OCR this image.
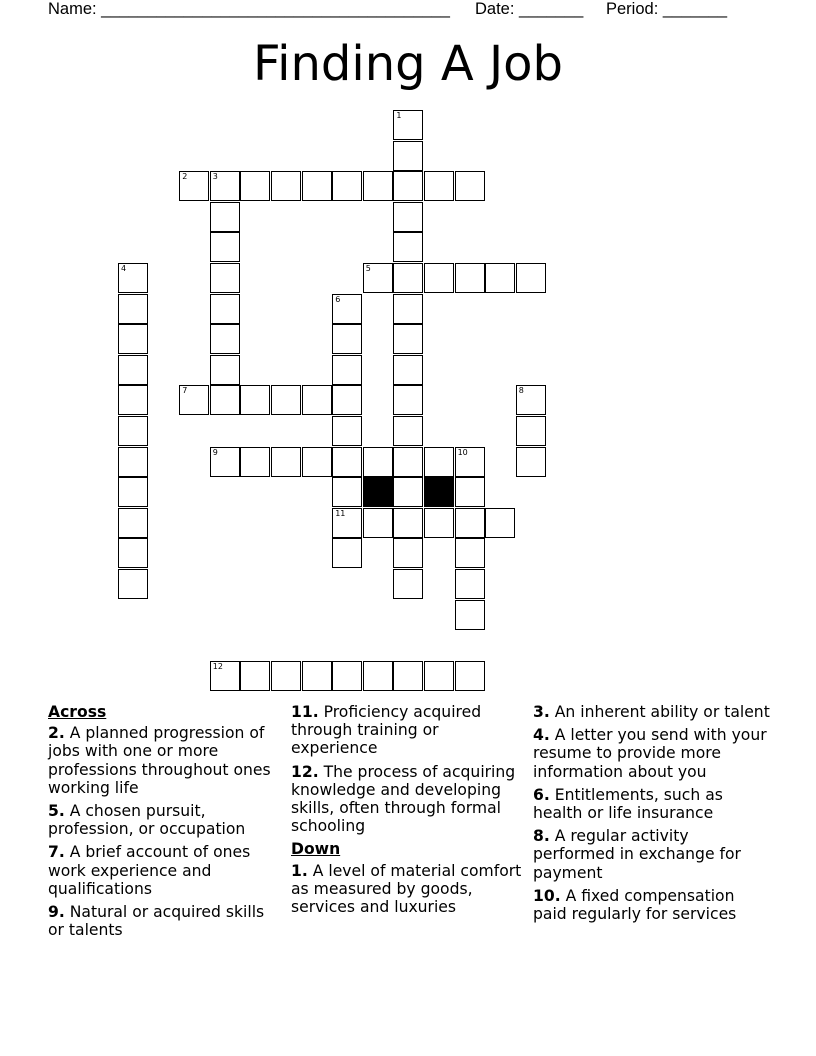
Name: ______________________________________ Date: _______ Period: _______
Finding A Job
1
2	3
4	5
6
11
7	8
9	10
12
Across
2. A planned progression of jobs with one or more professions throughout ones working life
5. A chosen pursuit, profession, or occupation
7. A brief account of ones work experience and qualifications
9. Natural or acquired skills or talents
11. Proficiency acquired through training or experience
12. The process of acquiring knowledge and developing skills, often through formal schooling
Down
1. A level of material comfort as measured by goods, services and luxuries
3. An inherent ability or talent
4. A letter you send with your resume to provide more information about you
6. Entitlements, such as health or life insurance
8. A regular activity performed in exchange for payment
10. A fixed compensation paid regularly for services
